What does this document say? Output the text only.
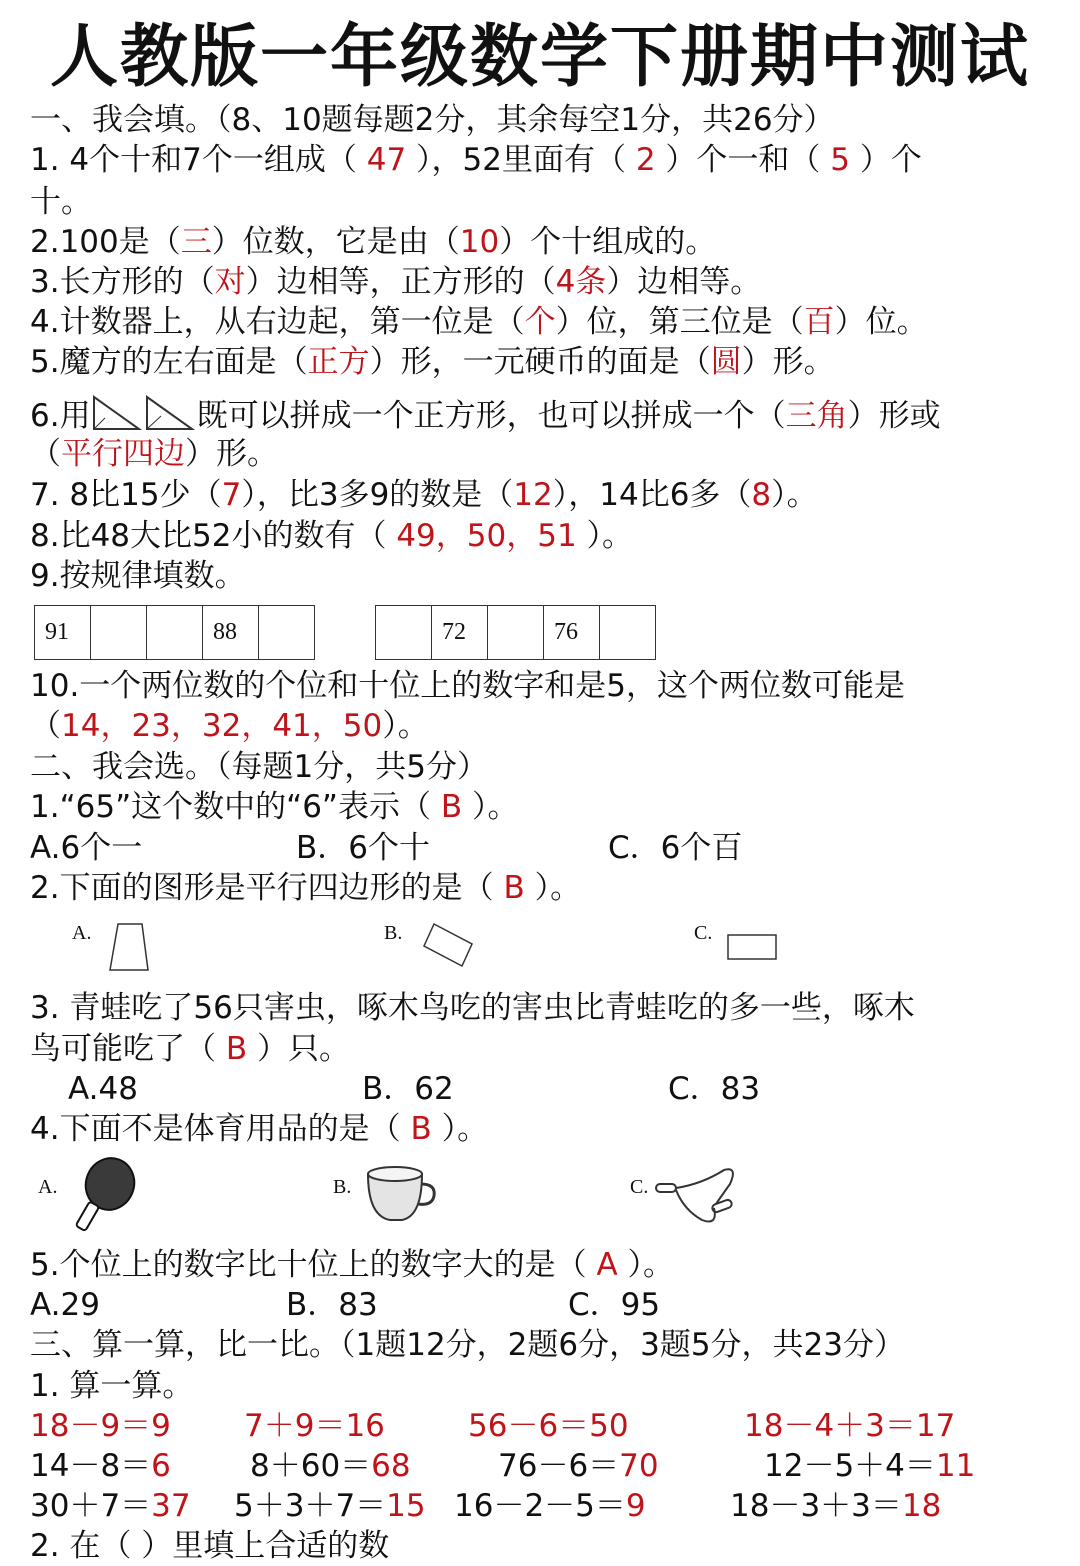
人教版一年级数学下册期中测试
一、我会填。（8、10题每题2分，其余每空1分，共26分）
1. 4个十和7个一组成（ 47 ），52里面有（ 2 ）个一和（ 5 ）个
十。
2.100是（三）位数，它是由（10）个十组成的。
3.长方形的（对）边相等，正方形的（4条）边相等。
4.计数器上，从右边起，第一位是（个）位，第三位是（百）位。
5.魔方的左右面是（正方）形，一元硬币的面是（圆）形。
6.用	既可以拼成一个正方形，也可以拼成一个（三角）形或
（平行四边）形。
7. 8比15少（7），比3多9的数是（12），14比6多（8）。
8.比48大比52小的数有（ 49，50，51 ）。
9.按规律填数。
91			88	
		72		76	
10.一个两位数的个位和十位上的数字和是5，这个两位数可能是
（14，23，32，41，50）。
二、我会选。（每题1分，共5分）
1.“65”这个数中的“6”表示（ B ）。
A.6个一	B．6个十	C．6个百
2.下面的图形是平行四边形的是（ B ）。
A.	B.	C.
3. 青蛙吃了56只害虫，啄木鸟吃的害虫比青蛙吃的多一些，啄木
鸟可能吃了（ B ）只。
A.48	B．62	C．83
4.下面不是体育用品的是（ B ）。
A.	B.	C.
5.个位上的数字比十位上的数字大的是（ A ）。
A.29	B．83	C．95
三、算一算，比一比。（1题12分，2题6分，3题5分，共23分）
1. 算一算。
18－9＝9 7＋9＝16	56－6＝50	18－4＋3＝17
14－8＝6	8＋60＝68	76－6＝70	12－5＋4＝11
30＋7＝37 5＋3＋7＝15 16－2－5＝9	18－3＋3＝18
2. 在（ ）里填上合适的数
